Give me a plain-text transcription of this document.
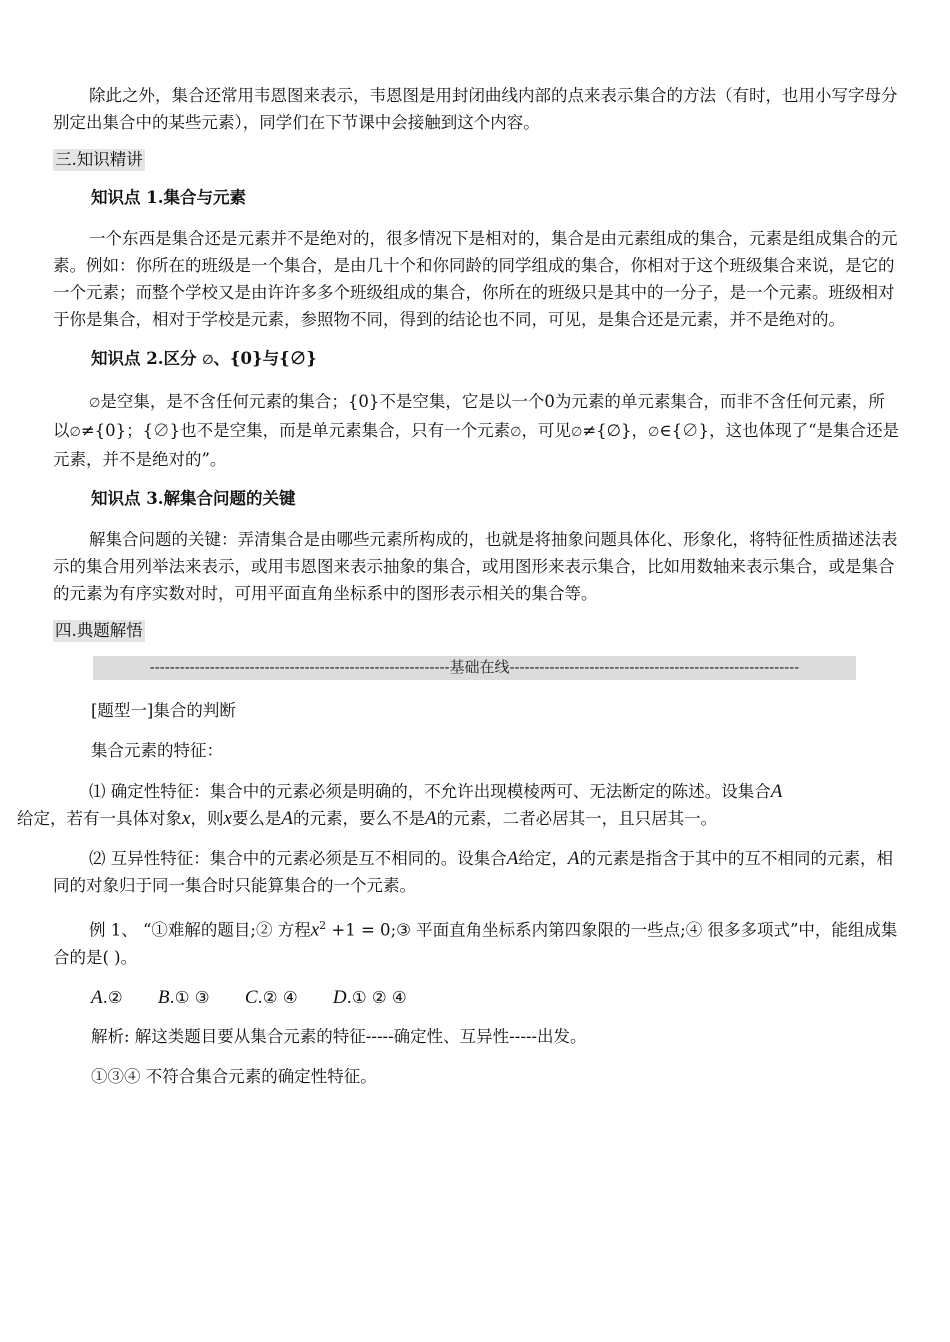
除此之外，集合还常用韦恩图来表示，韦恩图是用封闭曲线内部的点来表示集合的方法（有时，也用小写字母分别定出集合中的某些元素），同学们在下节课中会接触到这个内容。

三.知识精讲

知识点 1.集合与元素

一个东西是集合还是元素并不是绝对的，很多情况下是相对的，集合是由元素组成的集合，元素是组成集合的元素。例如：你所在的班级是一个集合，是由几十个和你同龄的同学组成的集合，你相对于这个班级集合来说，是它的一个元素；而整个学校又是由许许多多个班级组成的集合，你所在的班级只是其中的一分子，是一个元素。班级相对于你是集合，相对于学校是元素，参照物不同，得到的结论也不同，可见，是集合还是元素，并不是绝对的。

知识点 2.区分 ∅、{0}与{∅}

∅是空集，是不含任何元素的集合；{0}不是空集，它是以一个0为元素的单元素集合，而非不含任何元素，所以∅≠{0}；{∅}也不是空集，而是单元素集合，只有一个元素∅，可见∅≠{∅}，∅∈{∅}，这也体现了“是集合还是元素，并不是绝对的”。

知识点 3.解集合问题的关键

解集合问题的关键：弄清集合是由哪些元素所构成的，也就是将抽象问题具体化、形象化，将特征性质描述法表示的集合用列举法来表示，或用韦恩图来表示抽象的集合，或用图形来表示集合，比如用数轴来表示集合，或是集合的元素为有序实数对时，可用平面直角坐标系中的图形表示相关的集合等。

四.典题解悟
------------------------------------------------------------基础在线----------------------------------------------------------

[题型一]集合的判断

集合元素的特征：

⑴ 确定性特征：集合中的元素必须是明确的，不允许出现模棱两可、无法断定的陈述。设集合A
给定，若有一具体对象x，则x要么是A的元素，要么不是A的元素，二者必居其一，且只居其一。

⑵ 互异性特征：集合中的元素必须是互不相同的。设集合A给定，A的元素是指含于其中的互不相同的元素，相同的对象归于同一集合时只能算集合的一个元素。

例 1、 “①难解的题目;② 方程$x^2 +1$ = 0;③ 平面直角坐标系内第四象限的一些点;④ 很多多项式”中，能组成集合的是( )。

A.② B.① ③ C.② ④ D.① ② ④

解析: 解这类题目要从集合元素的特征-----确定性、互异性-----出发。

①③④ 不符合集合元素的确定性特征。
